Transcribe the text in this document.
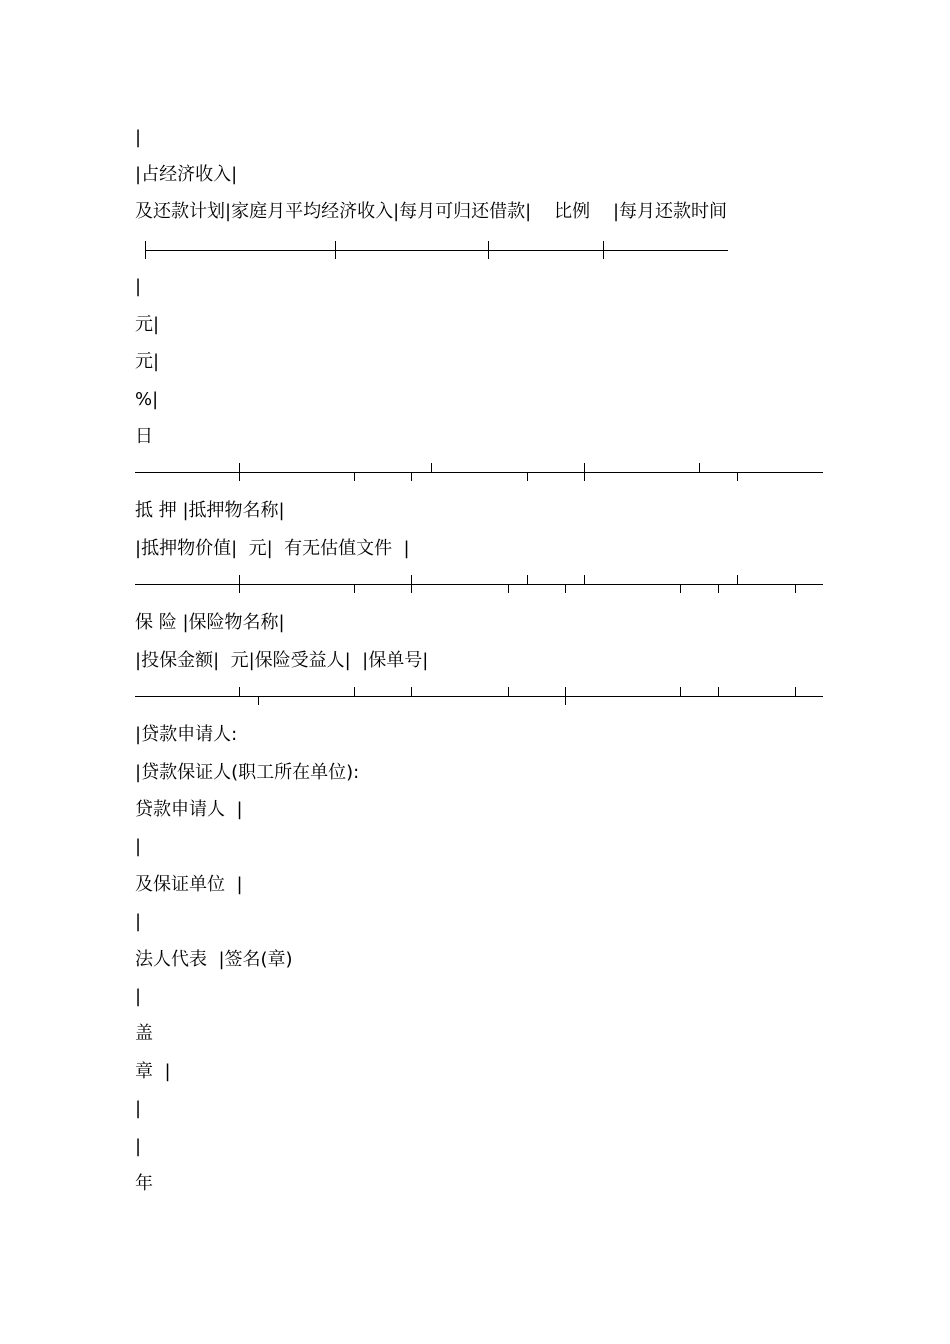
|
|占经济收入|
及还款计划|家庭月平均经济收入|每月可归还借款|    比例    |每月还款时间
|
元|
元|
%|
日
抵 押 |抵押物名称|
|抵押物价值|  元|  有无估值文件  |
保 险 |保险物名称|
|投保金额|  元|保险受益人|  |保单号|
|贷款申请人:
|贷款保证人(职工所在单位):
贷款申请人  |
|
及保证单位  |
|
法人代表  |签名(章)
|
盖
章  |
|
|
年
